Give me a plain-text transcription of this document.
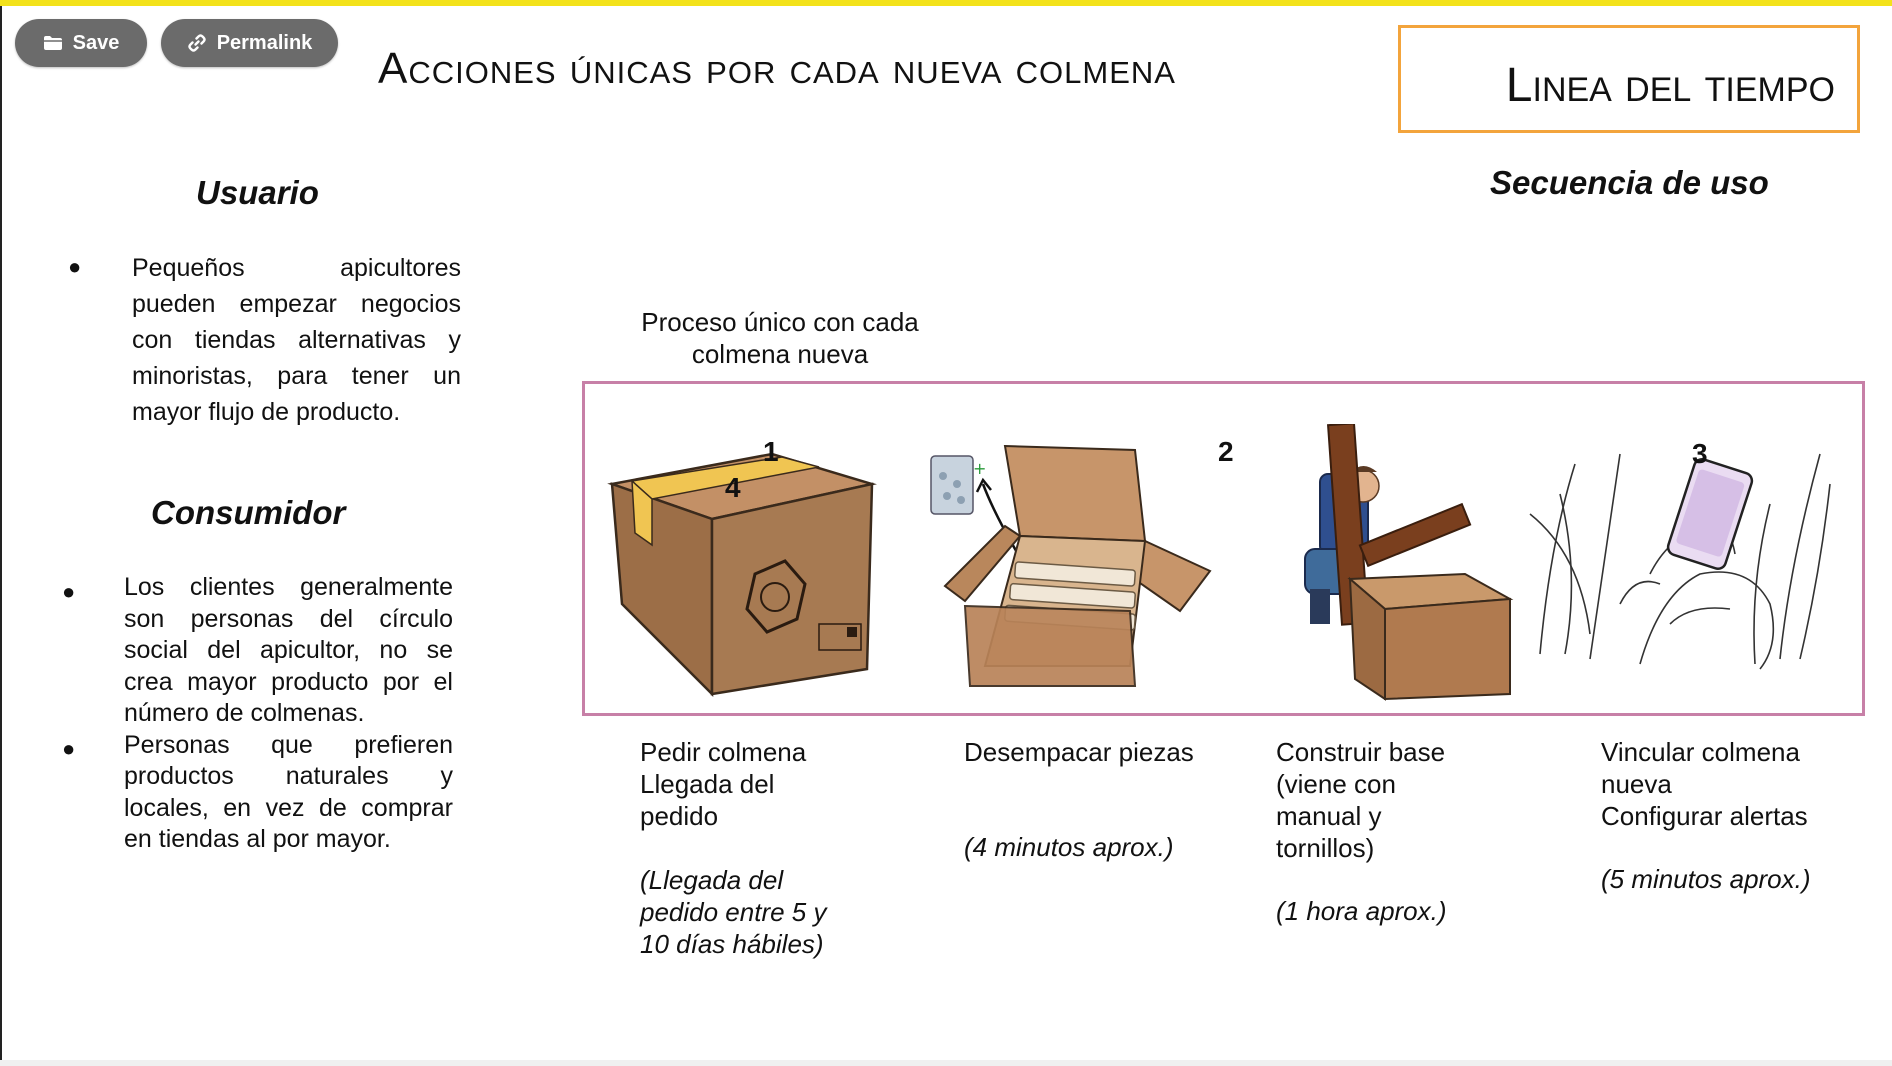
Save	Permalink
Acciones únicas por cada nueva colmena	Linea del tiempo
Secuencia de uso
Usuario
● Pequeños apicultores pueden empezar negocios con tiendas alternativas y minoristas, para tener un mayor flujo de producto.
Consumidor
●
●
Los clientes generalmente son personas del círculo social del apicultor, no se crea mayor producto por el número de colmenas.
Personas que prefieren productos naturales y locales, en vez de comprar en tiendas al por mayor.
Proceso único con cada colmena nueva
1
4
+
2	3
Pedir colmena
Llegada del
pedido
(Llegada del pedido entre 5 y 10 días hábiles)
Desempacar piezas
(4 minutos aprox.)
Construir base
(viene con
manual y
tornillos)
(1 hora aprox.)
Vincular colmena
nueva
Configurar alertas
(5 minutos aprox.)
